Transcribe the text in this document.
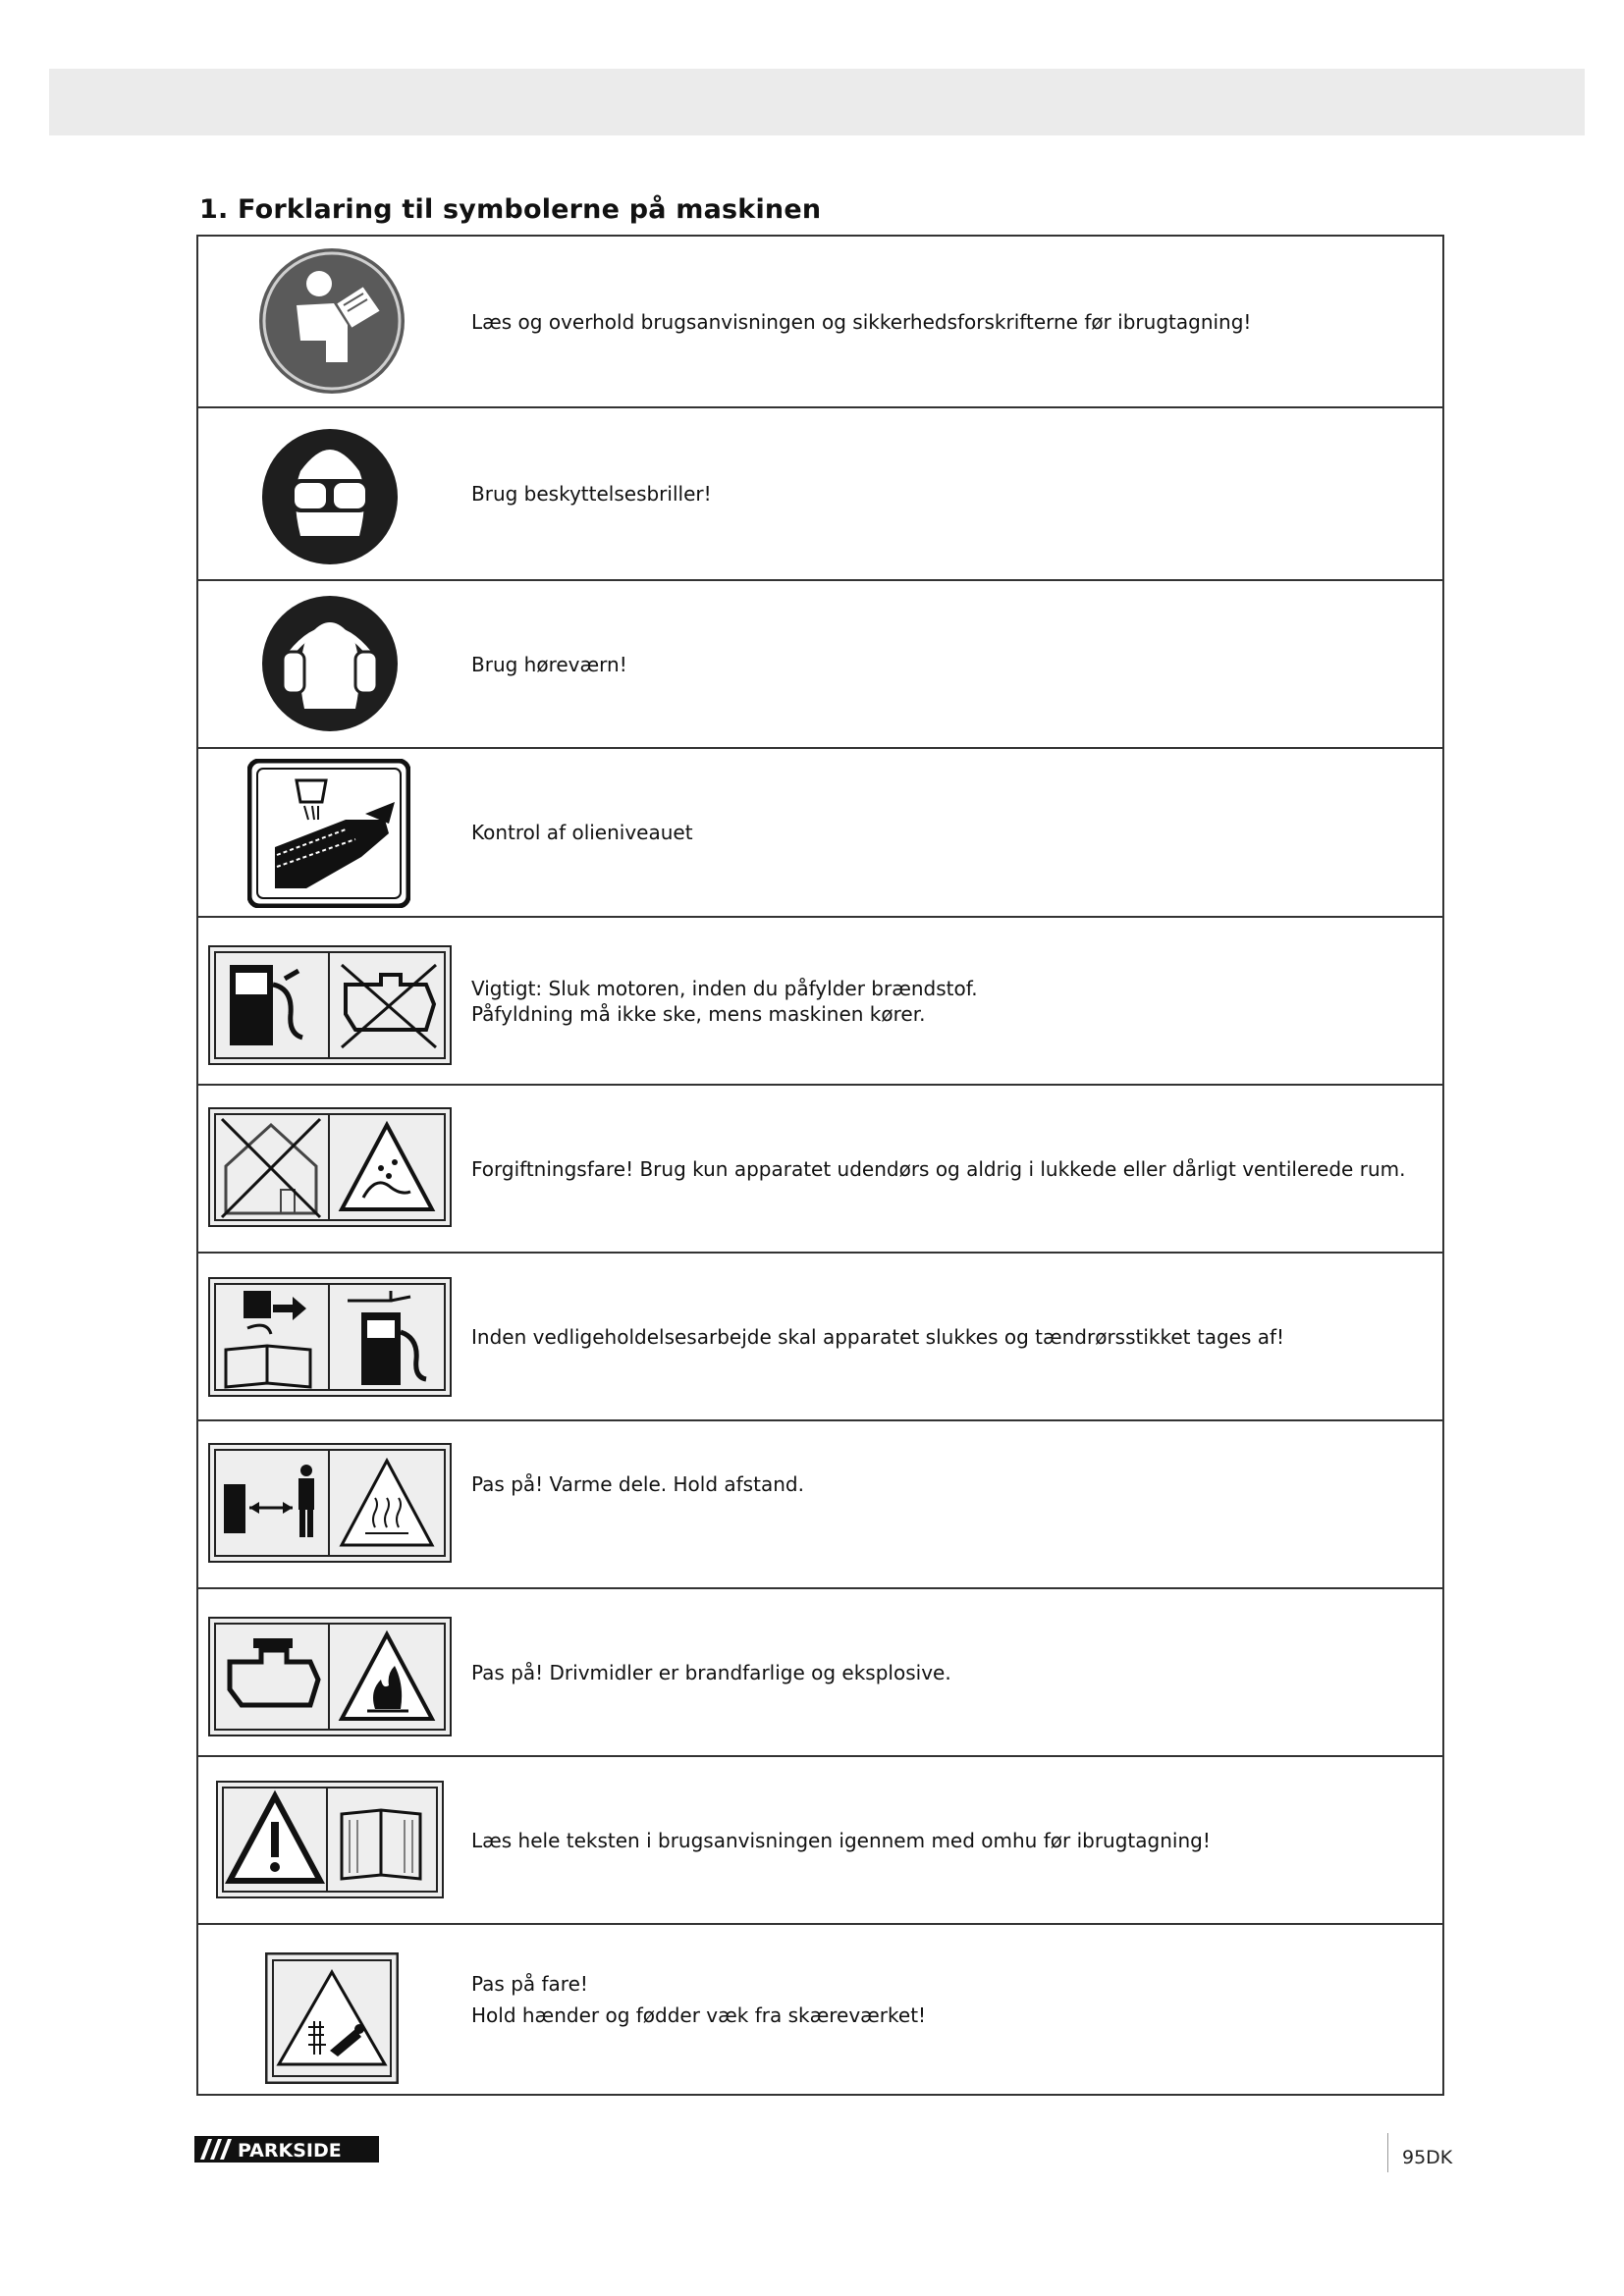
1. Forklaring til symbolerne på maskinen
Læs og overhold brugsanvisningen og sikkerhedsforskrifterne før ibrugtagning!
Brug beskyttelsesbriller!
Brug høreværn!
Kontrol af olieniveauet
Vigtigt: Sluk motoren, inden du påfylder brændstof.
Påfyldning må ikke ske, mens maskinen kører.
Forgiftningsfare! Brug kun apparatet udendørs og aldrig i lukkede eller dårligt ventilerede rum.
Inden vedligeholdelsesarbejde skal apparatet slukkes og tændrørsstikket tages af!
Pas på! Varme dele. Hold afstand.
Pas på! Drivmidler er brandfarlige og eksplosive.
Læs hele teksten i brugsanvisningen igennem med omhu før ibrugtagning!
Pas på fare!
Hold hænder og fødder væk fra skæreværket!
PARKSIDE	95DK
